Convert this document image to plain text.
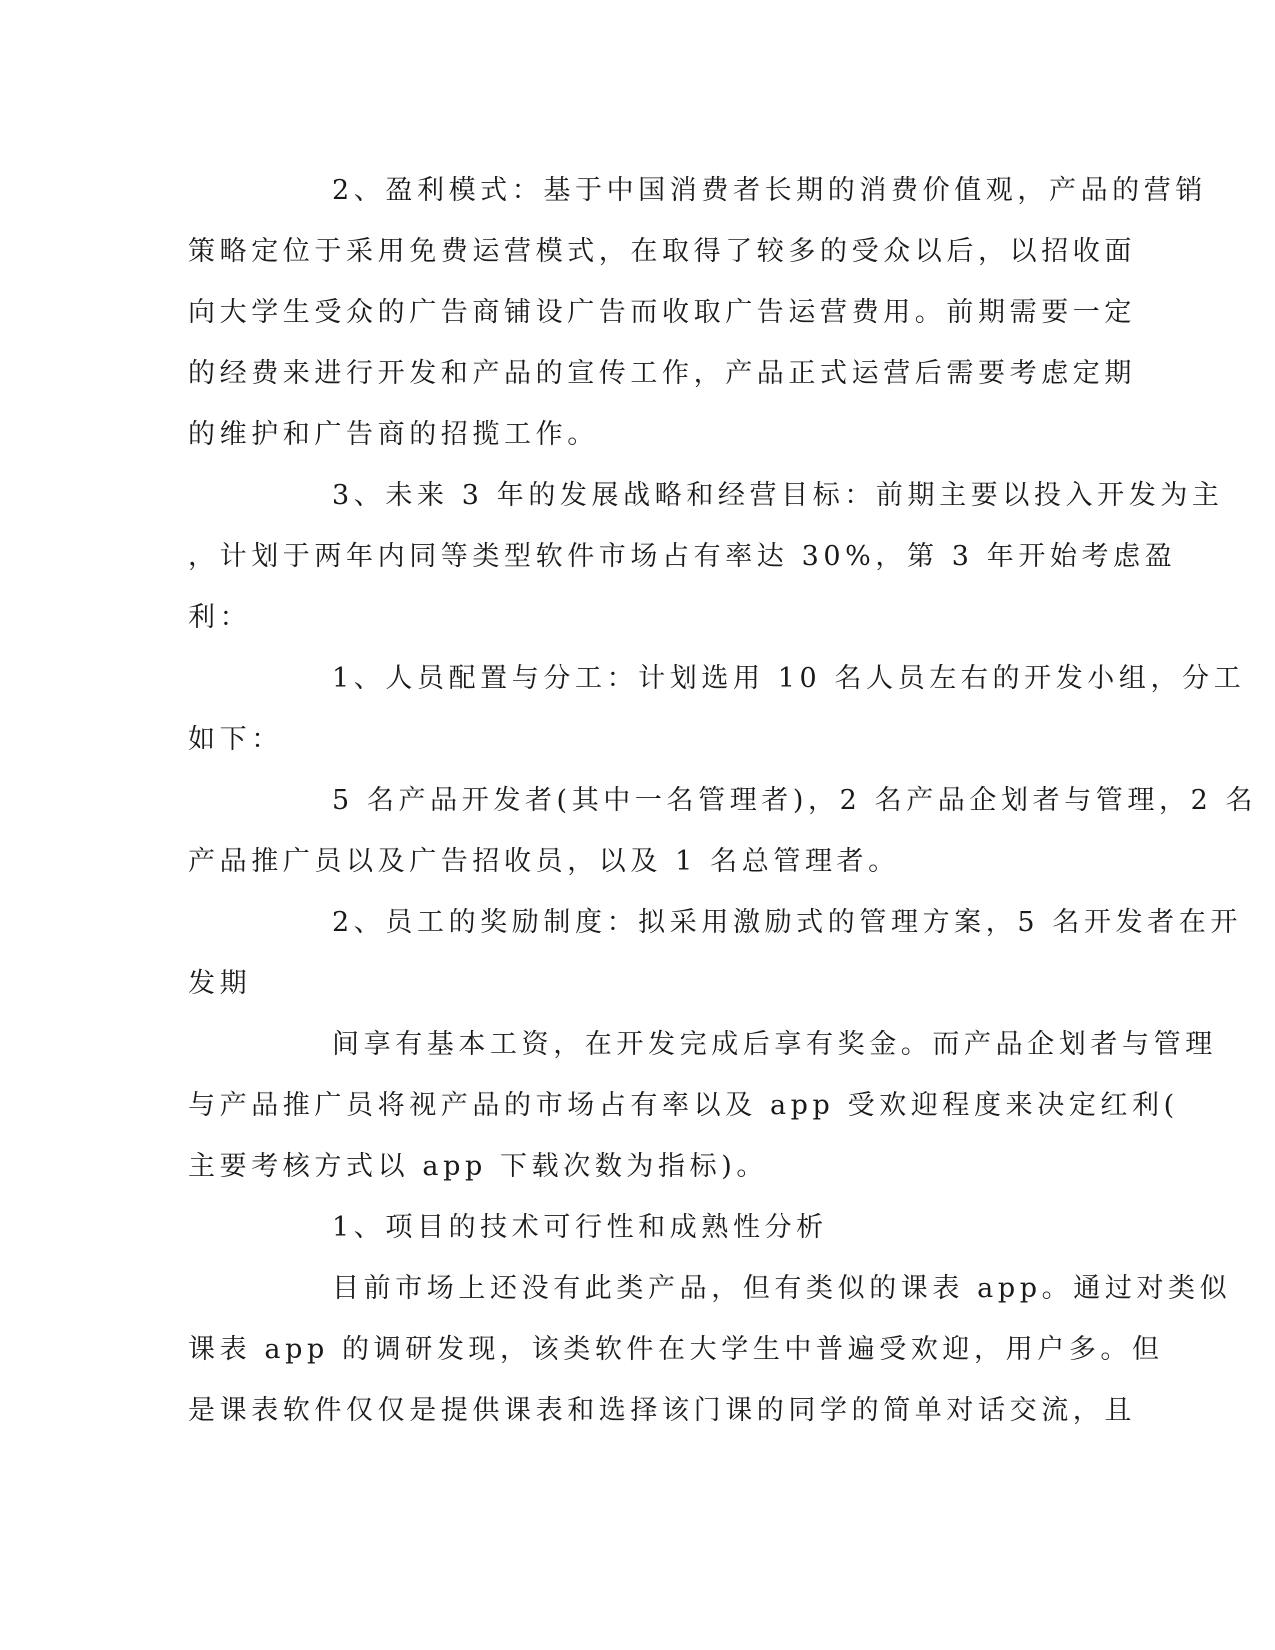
2、盈利模式：基于中国消费者长期的消费价值观，产品的营销
策略定位于采用免费运营模式，在取得了较多的受众以后，以招收面
向大学生受众的广告商铺设广告而收取广告运营费用。前期需要一定
的经费来进行开发和产品的宣传工作，产品正式运营后需要考虑定期
的维护和广告商的招揽工作。
3、未来 3 年的发展战略和经营目标：前期主要以投入开发为主
，计划于两年内同等类型软件市场占有率达 30%，第 3 年开始考虑盈
利：
1、人员配置与分工：计划选用 10 名人员左右的开发小组，分工
如下：
5 名产品开发者(其中一名管理者)，2 名产品企划者与管理，2 名
产品推广员以及广告招收员，以及 1 名总管理者。
2、员工的奖励制度：拟采用激励式的管理方案，5 名开发者在开
发期
间享有基本工资，在开发完成后享有奖金。而产品企划者与管理
与产品推广员将视产品的市场占有率以及 app 受欢迎程度来决定红利(
主要考核方式以 app 下载次数为指标)。
1、项目的技术可行性和成熟性分析
目前市场上还没有此类产品，但有类似的课表 app。通过对类似
课表 app 的调研发现，该类软件在大学生中普遍受欢迎，用户多。但
是课表软件仅仅是提供课表和选择该门课的同学的简单对话交流，且
